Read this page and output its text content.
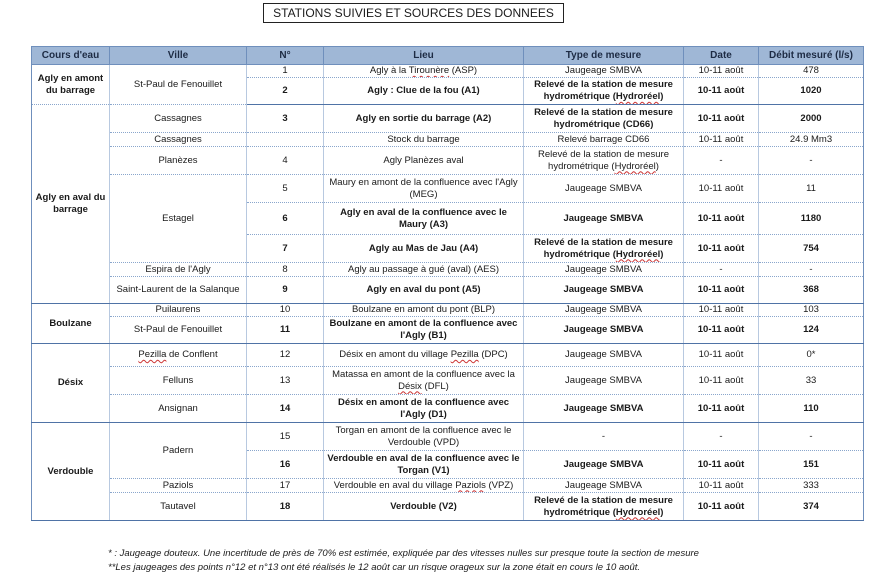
STATIONS SUIVIES ET SOURCES DES DONNEES
Cours d'eau	Ville	N°	Lieu	Type de mesure	Date	Débit mesuré (l/s)
Agly en amont du barrage	St-Paul de Fenouillet	1	Agly à la Tirounère (ASP)	Jaugeage SMBVA	10-11 août	478
		2	Agly : Clue de la fou (A1)	Relevé de la station de mesure hydrométrique (Hydroréel)	10-11 août	1020
Agly en aval du barrage	Cassagnes	3	Agly en sortie du barrage (A2)	Relevé de la station de mesure hydrométrique (CD66)	10-11 août	2000
	Cassagnes		Stock du barrage	Relevé barrage CD66	10-11 août	24.9 Mm3
	Planèzes	4	Agly Planèzes aval	Relevé de la station de mesure hydrométrique (Hydroréel)	-	-
	Estagel	5	Maury en amont de la confluence avec l'Agly (MEG)	Jaugeage SMBVA	10-11 août	11
		6	Agly en aval de la confluence avec le Maury (A3)	Jaugeage SMBVA	10-11 août	1180
		7	Agly au Mas de Jau (A4)	Relevé de la station de mesure hydrométrique (Hydroréel)	10-11 août	754
	Espira de l'Agly	8	Agly au passage à gué (aval) (AES)	Jaugeage SMBVA	-	-
	Saint-Laurent de la Salanque	9	Agly en aval du pont (A5)	Jaugeage SMBVA	10-11 août	368
Boulzane	Puilaurens	10	Boulzane en amont du pont (BLP)	Jaugeage SMBVA	10-11 août	103
	St-Paul de Fenouillet	11	Boulzane en amont de la confluence avec l'Agly (B1)	Jaugeage SMBVA	10-11 août	124
Désix	Pezilla de Conflent	12	Désix en amont du village Pezilla (DPC)	Jaugeage SMBVA	10-11 août	0*
	Felluns	13	Matassa en amont de la confluence avec la Désix (DFL)	Jaugeage SMBVA	10-11 août	33
	Ansignan	14	Désix en amont de la confluence avec l'Agly (D1)	Jaugeage SMBVA	10-11 août	110
Verdouble	Padern	15	Torgan en amont de la confluence avec le Verdouble (VPD)	-	-	-
		16	Verdouble en aval de la confluence avec le Torgan (V1)	Jaugeage SMBVA	10-11 août	151
	Paziols	17	Verdouble en aval du village Paziols (VPZ)	Jaugeage SMBVA	10-11 août	333
	Tautavel	18	Verdouble (V2)	Relevé de la station de mesure hydrométrique (Hydroréel)	10-11 août	374
* : Jaugeage douteux. Une incertitude de près de 70% est estimée, expliquée par des vitesses nulles sur presque toute la section de mesure
**Les jaugeages des points n°12 et n°13 ont été réalisés le 12 août car un risque orageux sur la zone était en cours le 10 août.
